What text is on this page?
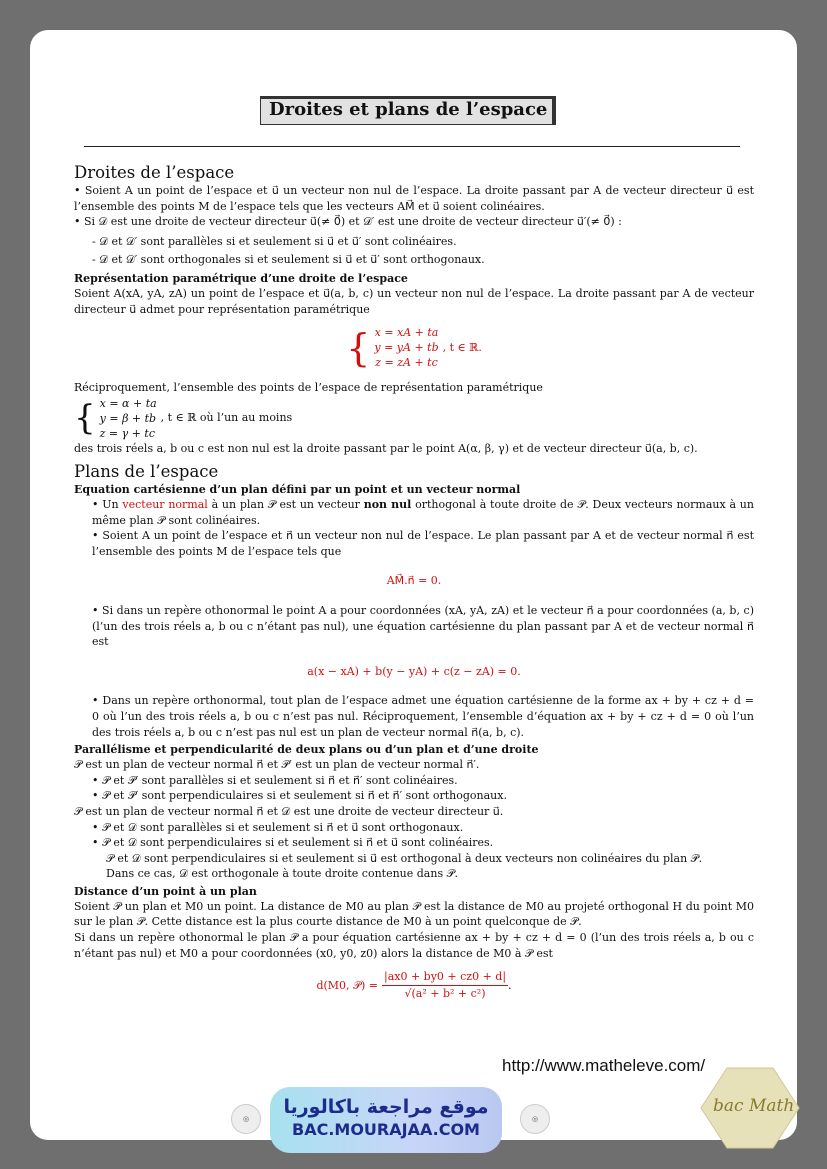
Droites et plans de l’espace
Droites de l’espace

• Soient A un point de l’espace et u⃗ un vecteur non nul de l’espace. La droite passant par A de vecteur directeur u⃗ est l’ensemble des points M de l’espace tels que les vecteurs AM⃗ et u⃗ soient colinéaires.

• Si 𝒟 est une droite de vecteur directeur u⃗(≠ 0⃗) et 𝒟′ est une droite de vecteur directeur u⃗′(≠ 0⃗) :

- 𝒟 et 𝒟′ sont parallèles si et seulement si u⃗ et u⃗′ sont colinéaires.

- 𝒟 et 𝒟′ sont orthogonales si et seulement si u⃗ et u⃗′ sont orthogonaux.

Représentation paramétrique d’une droite de l’espace

Soient A(xA, yA, zA) un point de l’espace et u⃗(a, b, c) un vecteur non nul de l’espace. La droite passant par A de vecteur directeur u⃗ admet pour représentation paramétrique

{ x = xA + ta
y = yA + tb
z = zA + tc
, t ∈ ℝ.
Réciproquement, l’ensemble des points de l’espace de représentation paramétrique
{ x = α + ta
y = β + tb
z = γ + tc
, t ∈ ℝ où l’un au moins

des trois réels a, b ou c est non nul est la droite passant par le point A(α, β, γ) et de vecteur directeur u⃗(a, b, c).

Plans de l’espace
Equation cartésienne d’un plan défini par un point et un vecteur normal

• Un vecteur normal à un plan 𝒫 est un vecteur non nul orthogonal à toute droite de 𝒫. Deux vecteurs normaux à un même plan 𝒫 sont colinéaires.

• Soient A un point de l’espace et n⃗ un vecteur non nul de l’espace. Le plan passant par A et de vecteur normal n⃗ est l’ensemble des points M de l’espace tels que

AM⃗.n⃗ = 0.

• Si dans un repère othonormal le point A a pour coordonnées (xA, yA, zA) et le vecteur n⃗ a pour coordonnées (a, b, c) (l’un des trois réels a, b ou c n’étant pas nul), une équation cartésienne du plan passant par A et de vecteur normal n⃗ est

a(x − xA) + b(y − yA) + c(z − zA) = 0.

• Dans un repère orthonormal, tout plan de l’espace admet une équation cartésienne de la forme ax + by + cz + d = 0 où l’un des trois réels a, b ou c n’est pas nul. Réciproquement, l’ensemble d’équation ax + by + cz + d = 0 où l’un des trois réels a, b ou c n’est pas nul est un plan de vecteur normal n⃗(a, b, c).

Parallélisme et perpendicularité de deux plans ou d’un plan et d’une droite

𝒫 est un plan de vecteur normal n⃗ et 𝒫′ est un plan de vecteur normal n⃗′.

• 𝒫 et 𝒫′ sont parallèles si et seulement si n⃗ et n⃗′ sont colinéaires.

• 𝒫 et 𝒫′ sont perpendiculaires si et seulement si n⃗ et n⃗′ sont orthogonaux.

𝒫 est un plan de vecteur normal n⃗ et 𝒟 est une droite de vecteur directeur u⃗.

• 𝒫 et 𝒟 sont parallèles si et seulement si n⃗ et u⃗ sont orthogonaux.

• 𝒫 et 𝒟 sont perpendiculaires si et seulement si n⃗ et u⃗ sont colinéaires.

𝒫 et 𝒟 sont perpendiculaires si et seulement si u⃗ est orthogonal à deux vecteurs non colinéaires du plan 𝒫.

Dans ce cas, 𝒟 est orthogonale à toute droite contenue dans 𝒫.

Distance d’un point à un plan

Soient 𝒫 un plan et M0 un point. La distance de M0 au plan 𝒫 est la distance de M0 au projeté orthogonal H du point M0 sur le plan 𝒫. Cette distance est la plus courte distance de M0 à un point quelconque de 𝒫.

Si dans un repère othonormal le plan 𝒫 a pour équation cartésienne ax + by + cz + d = 0 (l’un des trois réels a, b ou c n’étant pas nul) et M0 a pour coordonnées (x0, y0, z0) alors la distance de M0 à 𝒫 est

d(M0, 𝒫) = $\frac{|ax0 + by0 + cz0 + d|}{\text{√(a² + b² + c²)}}$ .
http://www.matheleve.com/
◎
موقع مراجعة باكالوريا
BAC.MOURAJAA.COM
◎
bac Math
